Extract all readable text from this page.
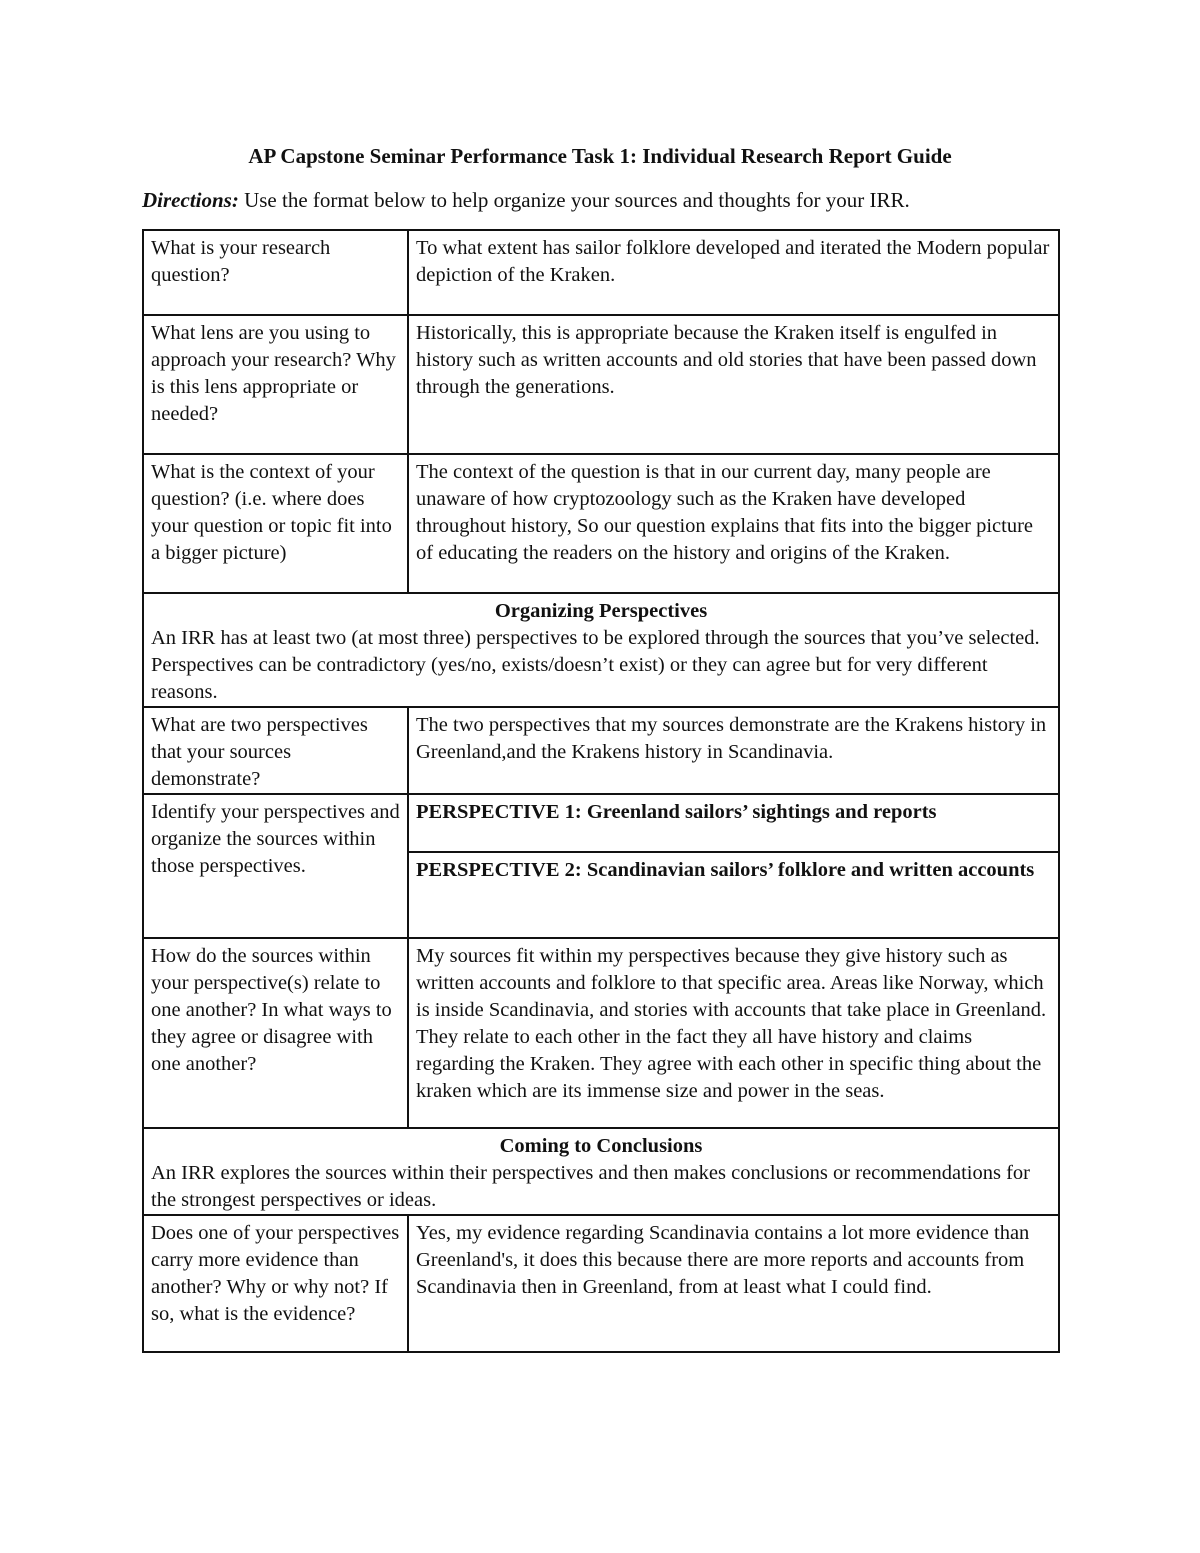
AP Capstone Seminar Performance Task 1: Individual Research Report Guide
Directions: Use the format below to help organize your sources and thoughts for your IRR.
What is your research question?	To what extent has sailor folklore developed and iterated the Modern popular depiction of the Kraken.
What lens are you using to approach your research? Why is this lens appropriate or needed?	Historically, this is appropriate because the Kraken itself is engulfed in history such as written accounts and old stories that have been passed down through the generations.
What is the context of your question? (i.e. where does your question or topic fit into a bigger picture)	The context of the question is that in our current day, many people are unaware of how cryptozoology such as the Kraken have developed throughout history, So our question explains that fits into the bigger picture of educating the readers on the history and origins of the Kraken.

Organizing Perspectives
An IRR has at least two (at most three) perspectives to be explored through the sources that you’ve selected. Perspectives can be contradictory (yes/no, exists/doesn’t exist) or they can agree but for very different reasons.	
What are two perspectives that your sources demonstrate?	The two perspectives that my sources demonstrate are the Krakens history in Greenland,and the Krakens history in Scandinavia.
Identify your perspectives and organize the sources within those perspectives.	PERSPECTIVE 1: Greenland sailors’ sightings and reports
	PERSPECTIVE 2: Scandinavian sailors’ folklore and written accounts
How do the sources within your perspective(s) relate to one another? In what ways to they agree or disagree with one another?	My sources fit within my perspectives because they give history such as written accounts and folklore to that specific area. Areas like Norway, which is inside Scandinavia, and stories with accounts that take place in Greenland. They relate to each other in the fact they all have history and claims regarding the Kraken. They agree with each other in specific thing about the kraken which are its immense size and power in the seas.

Coming to Conclusions
An IRR explores the sources within their perspectives and then makes conclusions or recommendations for the strongest perspectives or ideas.	
Does one of your perspectives carry more evidence than another? Why or why not? If so, what is the evidence?	Yes, my evidence regarding Scandinavia contains a lot more evidence than Greenland's, it does this because there are more reports and accounts from Scandinavia then in Greenland, from at least what I could find.
